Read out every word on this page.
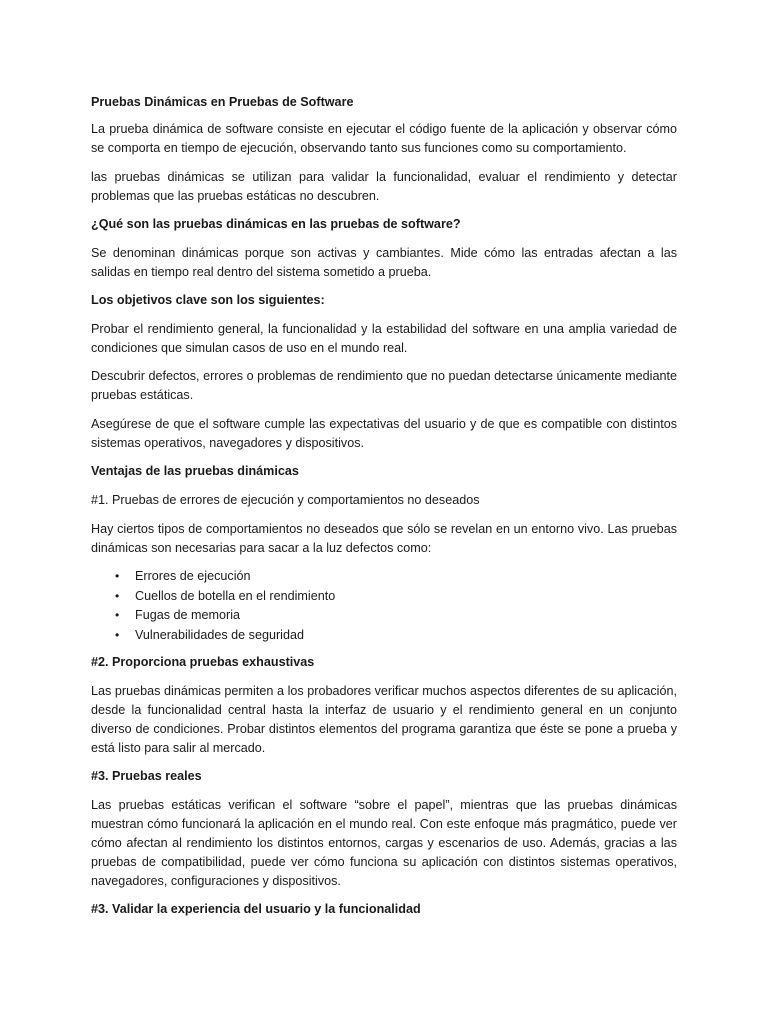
Pruebas Dinámicas en Pruebas de Software

La prueba dinámica de software consiste en ejecutar el código fuente de la aplicación y observar cómo se comporta en tiempo de ejecución, observando tanto sus funciones como su comportamiento.

las pruebas dinámicas se utilizan para validar la funcionalidad, evaluar el rendimiento y detectar problemas que las pruebas estáticas no descubren.

¿Qué son las pruebas dinámicas en las pruebas de software?

Se denominan dinámicas porque son activas y cambiantes. Mide cómo las entradas afectan a las salidas en tiempo real dentro del sistema sometido a prueba.

Los objetivos clave son los siguientes:

Probar el rendimiento general, la funcionalidad y la estabilidad del software en una amplia variedad de condiciones que simulan casos de uso en el mundo real.

Descubrir defectos, errores o problemas de rendimiento que no puedan detectarse únicamente mediante pruebas estáticas.

Asegúrese de que el software cumple las expectativas del usuario y de que es compatible con distintos sistemas operativos, navegadores y dispositivos.

Ventajas de las pruebas dinámicas

#1. Pruebas de errores de ejecución y comportamientos no deseados

Hay ciertos tipos de comportamientos no deseados que sólo se revelan en un entorno vivo. Las pruebas dinámicas son necesarias para sacar a la luz defectos como:

• Errores de ejecución
• Cuellos de botella en el rendimiento
• Fugas de memoria
• Vulnerabilidades de seguridad

#2. Proporciona pruebas exhaustivas

Las pruebas dinámicas permiten a los probadores verificar muchos aspectos diferentes de su aplicación, desde la funcionalidad central hasta la interfaz de usuario y el rendimiento general en un conjunto diverso de condiciones. Probar distintos elementos del programa garantiza que éste se pone a prueba y está listo para salir al mercado.

#3. Pruebas reales

Las pruebas estáticas verifican el software “sobre el papel”, mientras que las pruebas dinámicas muestran cómo funcionará la aplicación en el mundo real. Con este enfoque más pragmático, puede ver cómo afectan al rendimiento los distintos entornos, cargas y escenarios de uso. Además, gracias a las pruebas de compatibilidad, puede ver cómo funciona su aplicación con distintos sistemas operativos, navegadores, configuraciones y dispositivos.

#3. Validar la experiencia del usuario y la funcionalidad
